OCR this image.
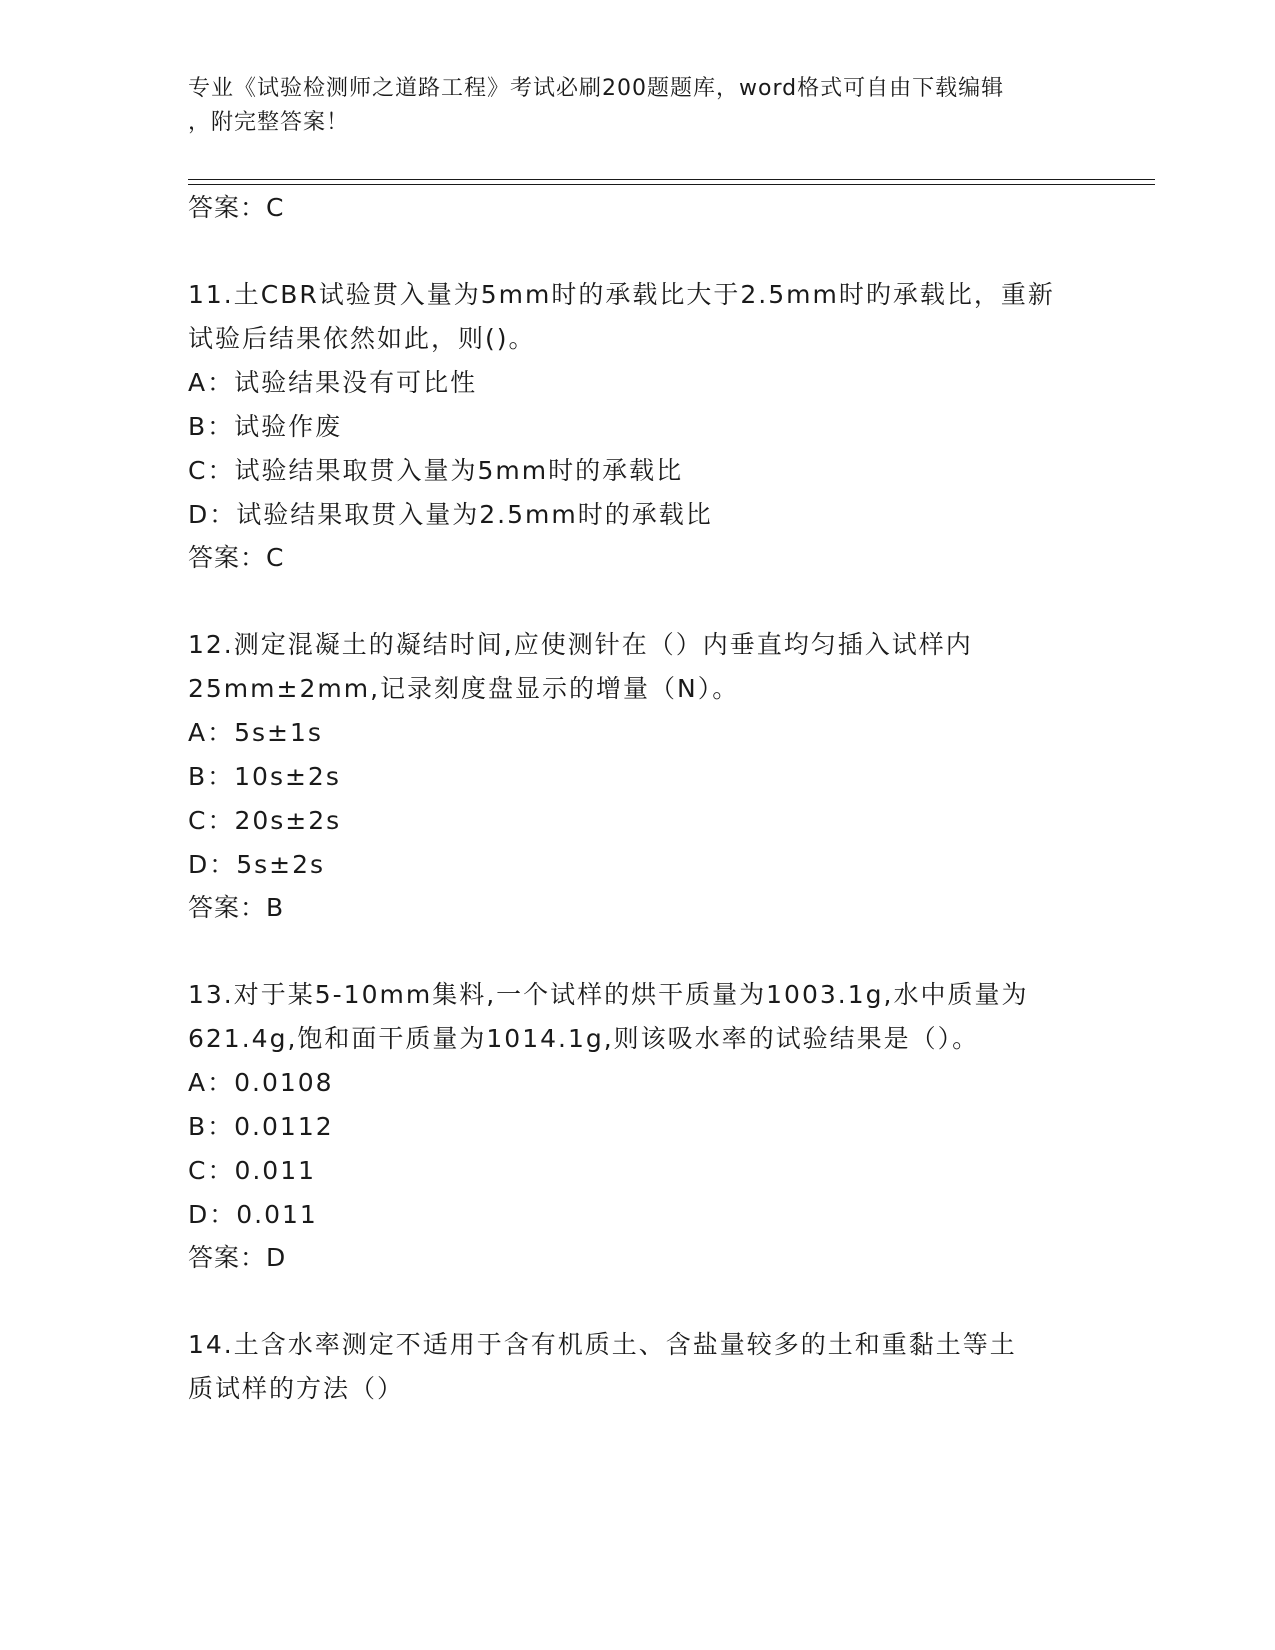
专业《试验检测师之道路工程》考试必刷200题题库，word格式可自由下载编辑
，附完整答案！
答案：C
11.土CBR试验贯入量为5mm时的承载比大于2.5mm时旳承载比，重新
试验后结果依然如此，则()。
A：试验结果没有可比性
B：试验作废
C：试验结果取贯入量为5mm时的承载比
D：试验结果取贯入量为2.5mm时的承载比
答案：C
12.测定混凝土的凝结时间,应使测针在（）内垂直均匀插入试样内
25mm±2mm,记录刻度盘显示的增量（N）。
A：5s±1s
B：10s±2s
C：20s±2s
D：5s±2s
答案：B
13.对于某5-10mm集料,一个试样的烘干质量为1003.1g,水中质量为
621.4g,饱和面干质量为1014.1g,则该吸水率的试验结果是（）。
A：0.0108
B：0.0112
C：0.011
D：0.011
答案：D
14.土含水率测定不适用于含有机质土、含盐量较多的土和重黏土等土
质试样的方法（）
